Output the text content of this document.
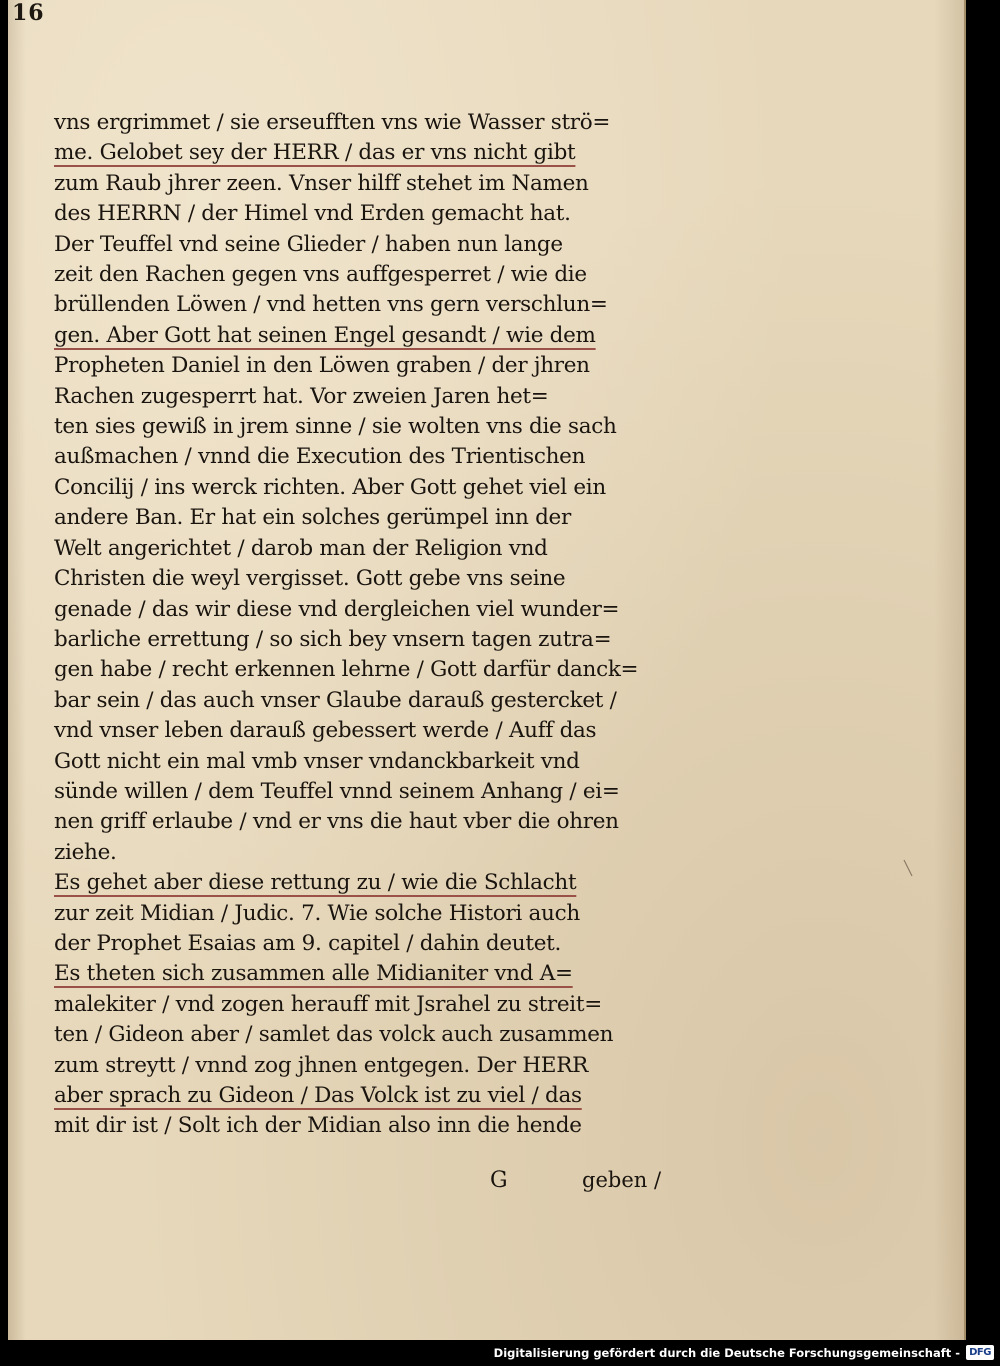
16
vns ergrimmet / sie erseufften vns wie Wasser strö=
me. Gelobet sey der HERR / das er vns nicht gibt
zum Raub jhrer zeen. Vnser hilff stehet im Namen
des HERRN / der Himel vnd Erden gemacht hat.
Der Teuffel vnd seine Glieder / haben nun lange
zeit den Rachen gegen vns auffgesperret / wie die
brüllenden Löwen / vnd hetten vns gern verschlun=
gen. Aber Gott hat seinen Engel gesandt / wie dem
Propheten Daniel in den Löwen graben / der jhren
Rachen zugesperrt hat. Vor zweien Jaren het=
ten sies gewiß in jrem sinne / sie wolten vns die sach
außmachen / vnnd die Execution des Trientischen
Concilij / ins werck richten. Aber Gott gehet viel ein
andere Ban. Er hat ein solches gerümpel inn der
Welt angerichtet / darob man der Religion vnd
Christen die weyl vergisset. Gott gebe vns seine
genade / das wir diese vnd dergleichen viel wunder=
barliche errettung / so sich bey vnsern tagen zutra=
gen habe / recht erkennen lehrne / Gott darfür danck=
bar sein / das auch vnser Glaube darauß gestercket /
vnd vnser leben darauß gebessert werde / Auff das
Gott nicht ein mal vmb vnser vndanckbarkeit vnd
sünde willen / dem Teuffel vnnd seinem Anhang / ei=
nen griff erlaube / vnd er vns die haut vber die ohren
ziehe.
Es gehet aber diese rettung zu / wie die Schlacht
zur zeit Midian / Judic. 7. Wie solche Histori auch
der Prophet Esaias am 9. capitel / dahin deutet.
Es theten sich zusammen alle Midianiter vnd A=
malekiter / vnd zogen herauff mit Jsrahel zu streit=
ten / Gideon aber / samlet das volck auch zusammen
zum streytt / vnnd zog jhnen entgegen. Der HERR
aber sprach zu Gideon / Das Volck ist zu viel / das
mit dir ist / Solt ich der Midian also inn die hende
G	geben /
Digitalisierung gefördert durch die Deutsche Forschungsgemeinschaft - DFG
